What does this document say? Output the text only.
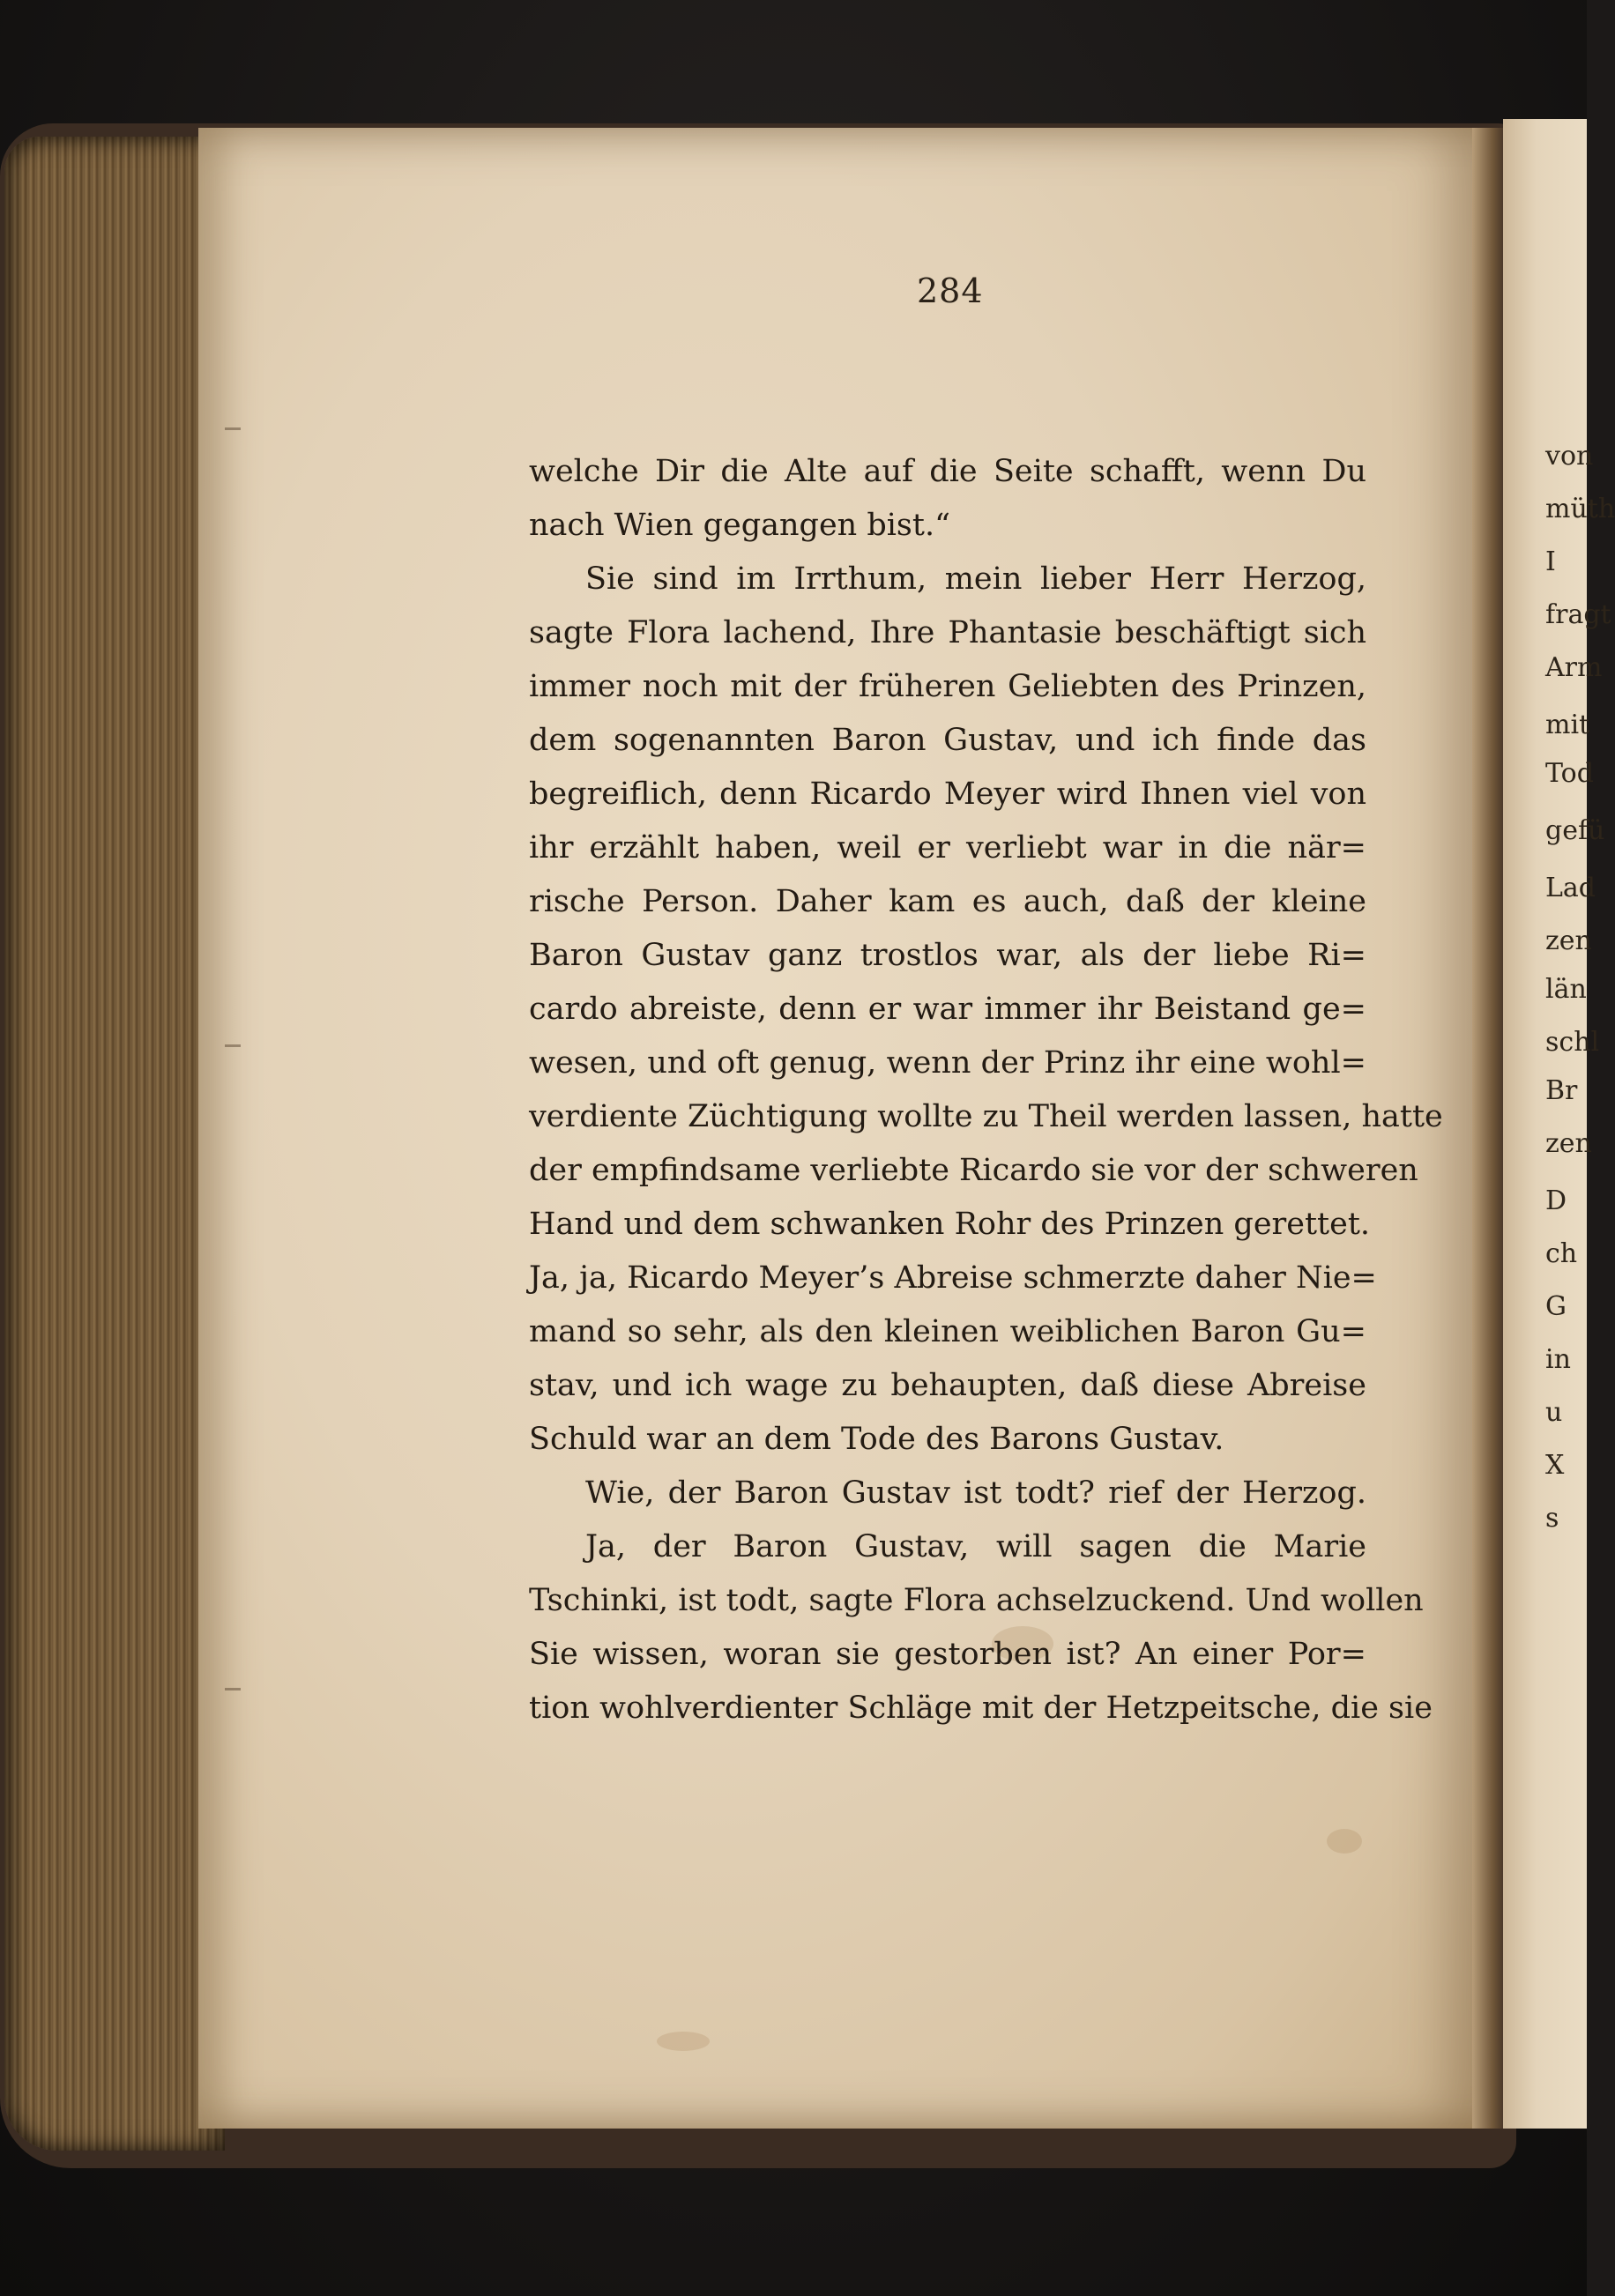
von
müth
I
fragt
Arm
mit
Tod
gefü
Lad
zen
län
schl
Br
zen
D
ch
G
in
u
X
s
284
welche Dir die Alte auf die Seite schafft, wenn Du
nach Wien gegangen bist.“
Sie sind im Irrthum, mein lieber Herr Herzog,
sagte Flora lachend, Ihre Phantasie beschäftigt sich
immer noch mit der früheren Geliebten des Prinzen,
dem sogenannten Baron Gustav, und ich finde das
begreiflich, denn Ricardo Meyer wird Ihnen viel von
ihr erzählt haben, weil er verliebt war in die när=
rische Person. Daher kam es auch, daß der kleine
Baron Gustav ganz trostlos war, als der liebe Ri=
cardo abreiste, denn er war immer ihr Beistand ge=
wesen, und oft genug, wenn der Prinz ihr eine wohl=
verdiente Züchtigung wollte zu Theil werden lassen, hatte
der empfindsame verliebte Ricardo sie vor der schweren
Hand und dem schwanken Rohr des Prinzen gerettet.
Ja, ja, Ricardo Meyer’s Abreise schmerzte daher Nie=
mand so sehr, als den kleinen weiblichen Baron Gu=
stav, und ich wage zu behaupten, daß diese Abreise
Schuld war an dem Tode des Barons Gustav.
Wie, der Baron Gustav ist todt? rief der Herzog.
Ja, der Baron Gustav, will sagen die Marie
Tschinki, ist todt, sagte Flora achselzuckend. Und wollen
Sie wissen, woran sie gestorben ist? An einer Por=
tion wohlverdienter Schläge mit der Hetzpeitsche, die sie
